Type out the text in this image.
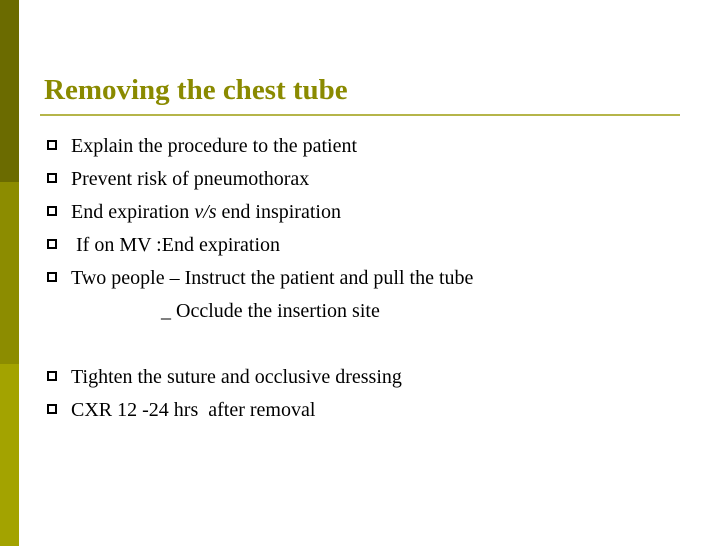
Removing the chest tube
Explain the procedure to the patient
Prevent risk of pneumothorax
End expiration v/s end inspiration
If on MV :End expiration
Two people – Instruct the patient and pull the tube
_ Occlude the insertion site
Tighten the suture and occlusive dressing
CXR 12 -24 hrs  after removal
